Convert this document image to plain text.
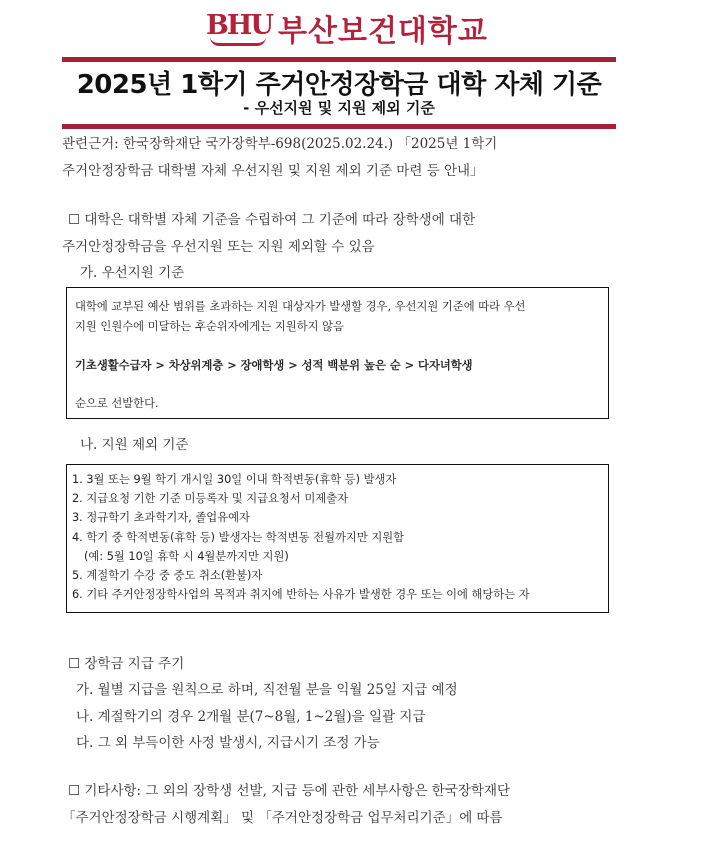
BHU 부산보건대학교
2025년 1학기 주거안정장학금 대학 자체 기준
- 우선지원 및 지원 제외 기준
관련근거: 한국장학재단 국가장학부-698(2025.02.24.) 「2025년 1학기
주거안정장학금 대학별 자체 우선지원 및 지원 제외 기준 마련 등 안내」
☐ 대학은 대학별 자체 기준을 수립하여 그 기준에 따라 장학생에 대한
주거안정장학금을 우선지원 또는 지원 제외할 수 있음
가. 우선지원 기준

대학에 교부된 예산 범위를 초과하는 지원 대상자가 발생할 경우, 우선지원 기준에 따라 우선

지원 인원수에 미달하는 후순위자에게는 지원하지 않음

기초생활수급자 > 차상위계층 > 장애학생 > 성적 백분위 높은 순 > 다자녀학생

순으로 선발한다.

나. 지원 제외 기준
1. 3월 또는 9월 학기 개시일 30일 이내 학적변동(휴학 등) 발생자
2. 지급요청 기한 기준 미등록자 및 지급요청서 미제출자
3. 정규학기 초과학기자, 졸업유예자
4. 학기 중 학적변동(휴학 등) 발생자는 학적변동 전월까지만 지원함
(예: 5월 10일 휴학 시 4월분까지만 지원)
5. 계절학기 수강 중 중도 취소(환불)자
6. 기타 주거안정장학사업의 목적과 취지에 반하는 사유가 발생한 경우 또는 이에 해당하는 자
☐ 장학금 지급 주기
가. 월별 지급을 원칙으로 하며, 직전월 분을 익월 25일 지급 예정
나. 계절학기의 경우 2개월 분(7~8월, 1~2월)을 일괄 지급
다. 그 외 부득이한 사정 발생시, 지급시기 조정 가능
☐ 기타사항: 그 외의 장학생 선발, 지급 등에 관한 세부사항은 한국장학재단
「주거안정장학금 시행계획」 및 「주거안정장학금 업무처리기준」에 따름
